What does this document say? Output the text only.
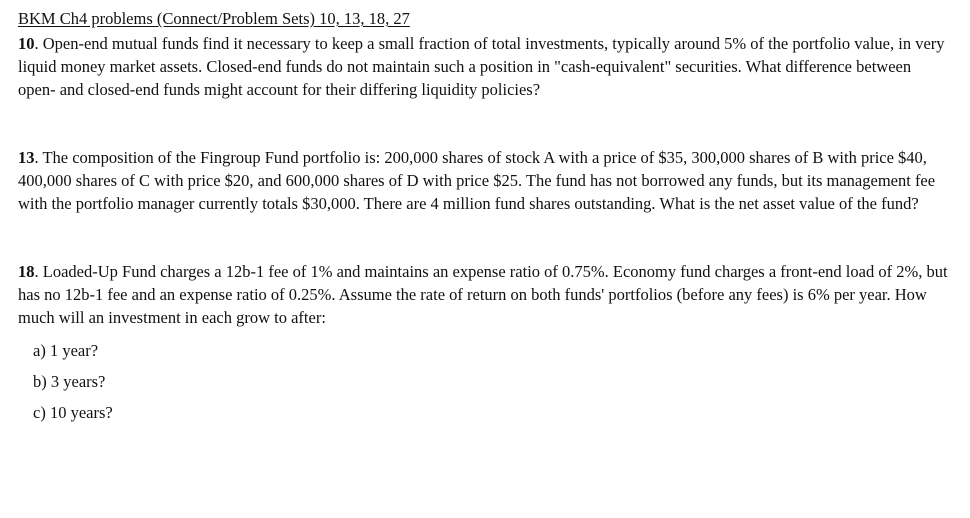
BKM Ch4 problems (Connect/Problem Sets) 10, 13, 18, 27

10. Open-end mutual funds find it necessary to keep a small fraction of total investments, typically around 5% of the portfolio value, in very liquid money market assets. Closed-end funds do not maintain such a position in "cash-equivalent" securities. What difference between open- and closed-end funds might account for their differing liquidity policies?

13. The composition of the Fingroup Fund portfolio is: 200,000 shares of stock A with a price of $35, 300,000 shares of B with price $40, 400,000 shares of C with price $20, and 600,000 shares of D with price $25. The fund has not borrowed any funds, but its management fee with the portfolio manager currently totals $30,000. There are 4 million fund shares outstanding. What is the net asset value of the fund?

18. Loaded-Up Fund charges a 12b-1 fee of 1% and maintains an expense ratio of 0.75%. Economy fund charges a front-end load of 2%, but has no 12b-1 fee and an expense ratio of 0.25%. Assume the rate of return on both funds' portfolios (before any fees) is 6% per year. How much will an investment in each grow to after:

a) 1 year?
b) 3 years?
c) 10 years?
